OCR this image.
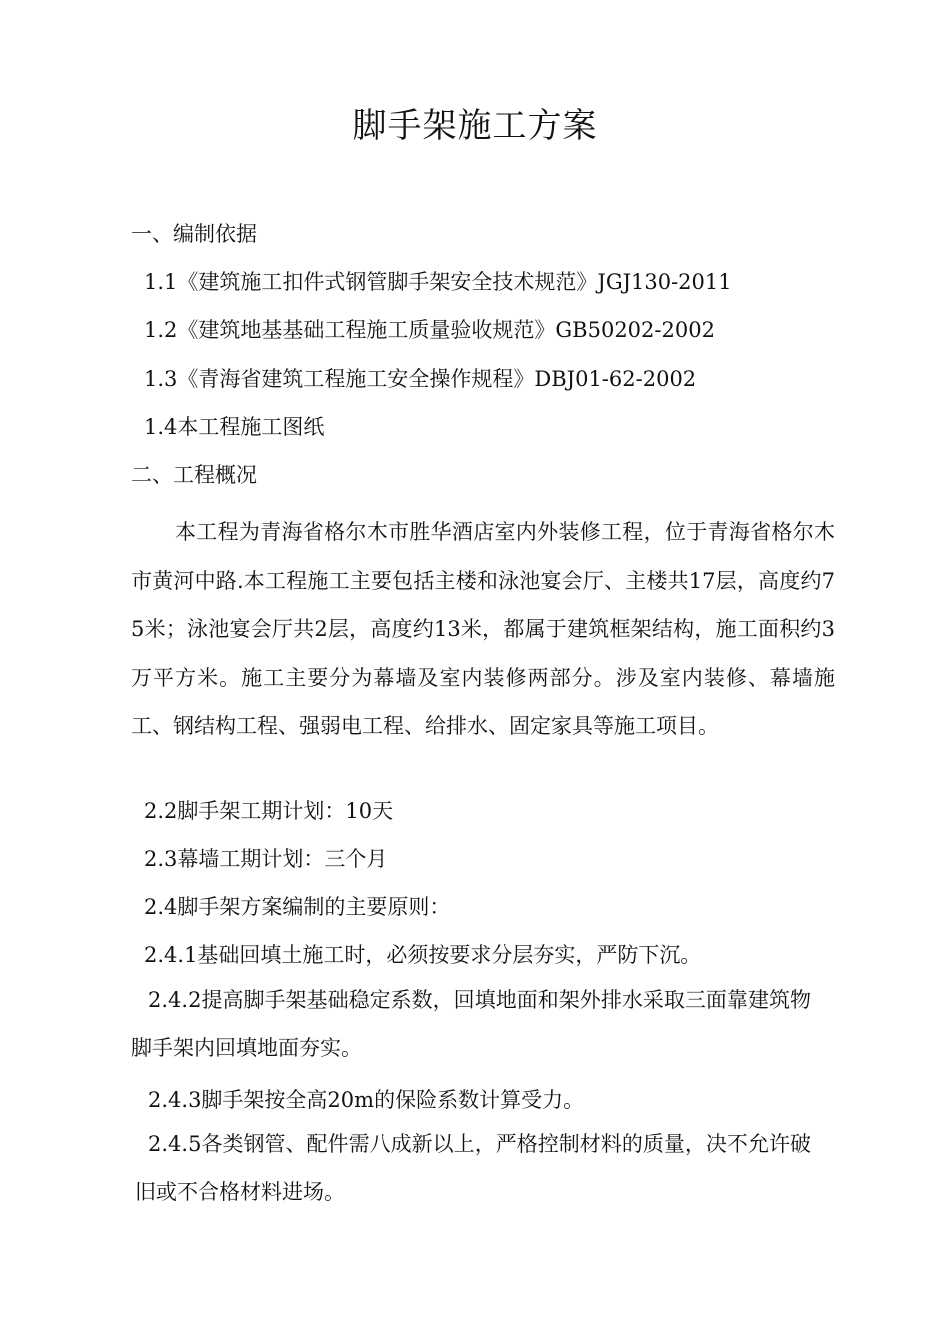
脚手架施工方案

一、编制依据

1.1《建筑施工扣件式钢管脚手架安全技术规范》JGJ130-2011

1.2《建筑地基基础工程施工质量验收规范》GB50202-2002

1.3《青海省建筑工程施工安全操作规程》DBJ01-62-2002

1.4本工程施工图纸

二、工程概况

本工程为青海省格尔木市胜华酒店室内外装修工程，位于青海省格尔木市黄河中路.本工程施工主要包括主楼和泳池宴会厅、主楼共17层，高度约75米；泳池宴会厅共2层，高度约13米，都属于建筑框架结构，施工面积约3万平方米。施工主要分为幕墙及室内装修两部分。涉及室内装修、幕墙施工、钢结构工程、强弱电工程、给排水、固定家具等施工项目。

2.2脚手架工期计划：10天

2.3幕墙工期计划：三个月

2.4脚手架方案编制的主要原则：

2.4.1基础回填土施工时，必须按要求分层夯实，严防下沉。

2.4.2提高脚手架基础稳定系数，回填地面和架外排水采取三面靠建筑物脚手架内回填地面夯实。

2.4.3脚手架按全高20m的保险系数计算受力。

2.4.5各类钢管、配件需八成新以上，严格控制材料的质量，决不允许破旧或不合格材料进场。
